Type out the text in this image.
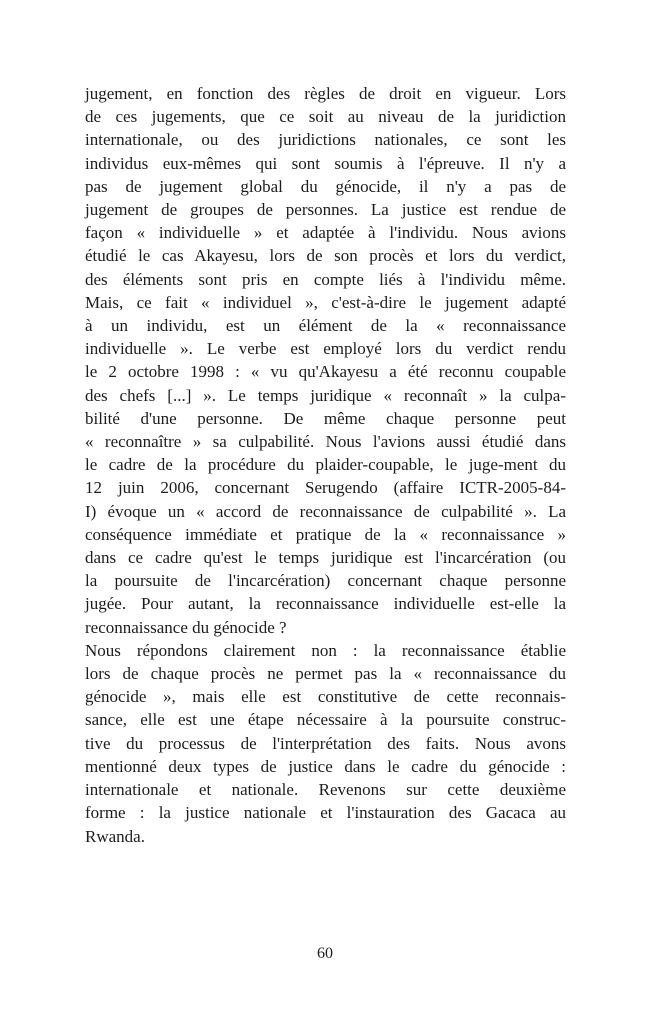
jugement, en fonction des règles de droit en vigueur. Lors
de ces jugements, que ce soit au niveau de la juridiction
internationale, ou des juridictions nationales, ce sont les
individus eux-mêmes qui sont soumis à l'épreuve. Il n'y a
pas de jugement global du génocide, il n'y a pas de
jugement de groupes de personnes. La justice est rendue de
façon « individuelle » et adaptée à l'individu. Nous avions
étudié le cas Akayesu, lors de son procès et lors du verdict,
des éléments sont pris en compte liés à l'individu même.
Mais, ce fait « individuel », c'est-à-dire le jugement adapté
à un individu, est un élément de la « reconnaissance
individuelle ». Le verbe est employé lors du verdict rendu
le 2 octobre 1998 : « vu qu'Akayesu a été reconnu coupable
des chefs [...] ». Le temps juridique « reconnaît » la culpa-
bilité d'une personne. De même chaque personne peut
« reconnaître » sa culpabilité. Nous l'avions aussi étudié dans
le cadre de la procédure du plaider-coupable, le juge-ment du
12 juin 2006, concernant Serugendo (affaire ICTR-2005-84-
I) évoque un « accord de reconnaissance de culpabilité ». La
conséquence immédiate et pratique de la « reconnaissance »
dans ce cadre qu'est le temps juridique est l'incarcération (ou
la poursuite de l'incarcération) concernant chaque personne
jugée. Pour autant, la reconnaissance individuelle est-elle la
reconnaissance du génocide ?
Nous répondons clairement non : la reconnaissance établie
lors de chaque procès ne permet pas la « reconnaissance du
génocide », mais elle est constitutive de cette reconnais-
sance, elle est une étape nécessaire à la poursuite construc-
tive du processus de l'interprétation des faits. Nous avons
mentionné deux types de justice dans le cadre du génocide :
internationale et nationale. Revenons sur cette deuxième
forme : la justice nationale et l'instauration des Gacaca au
Rwanda.
60
